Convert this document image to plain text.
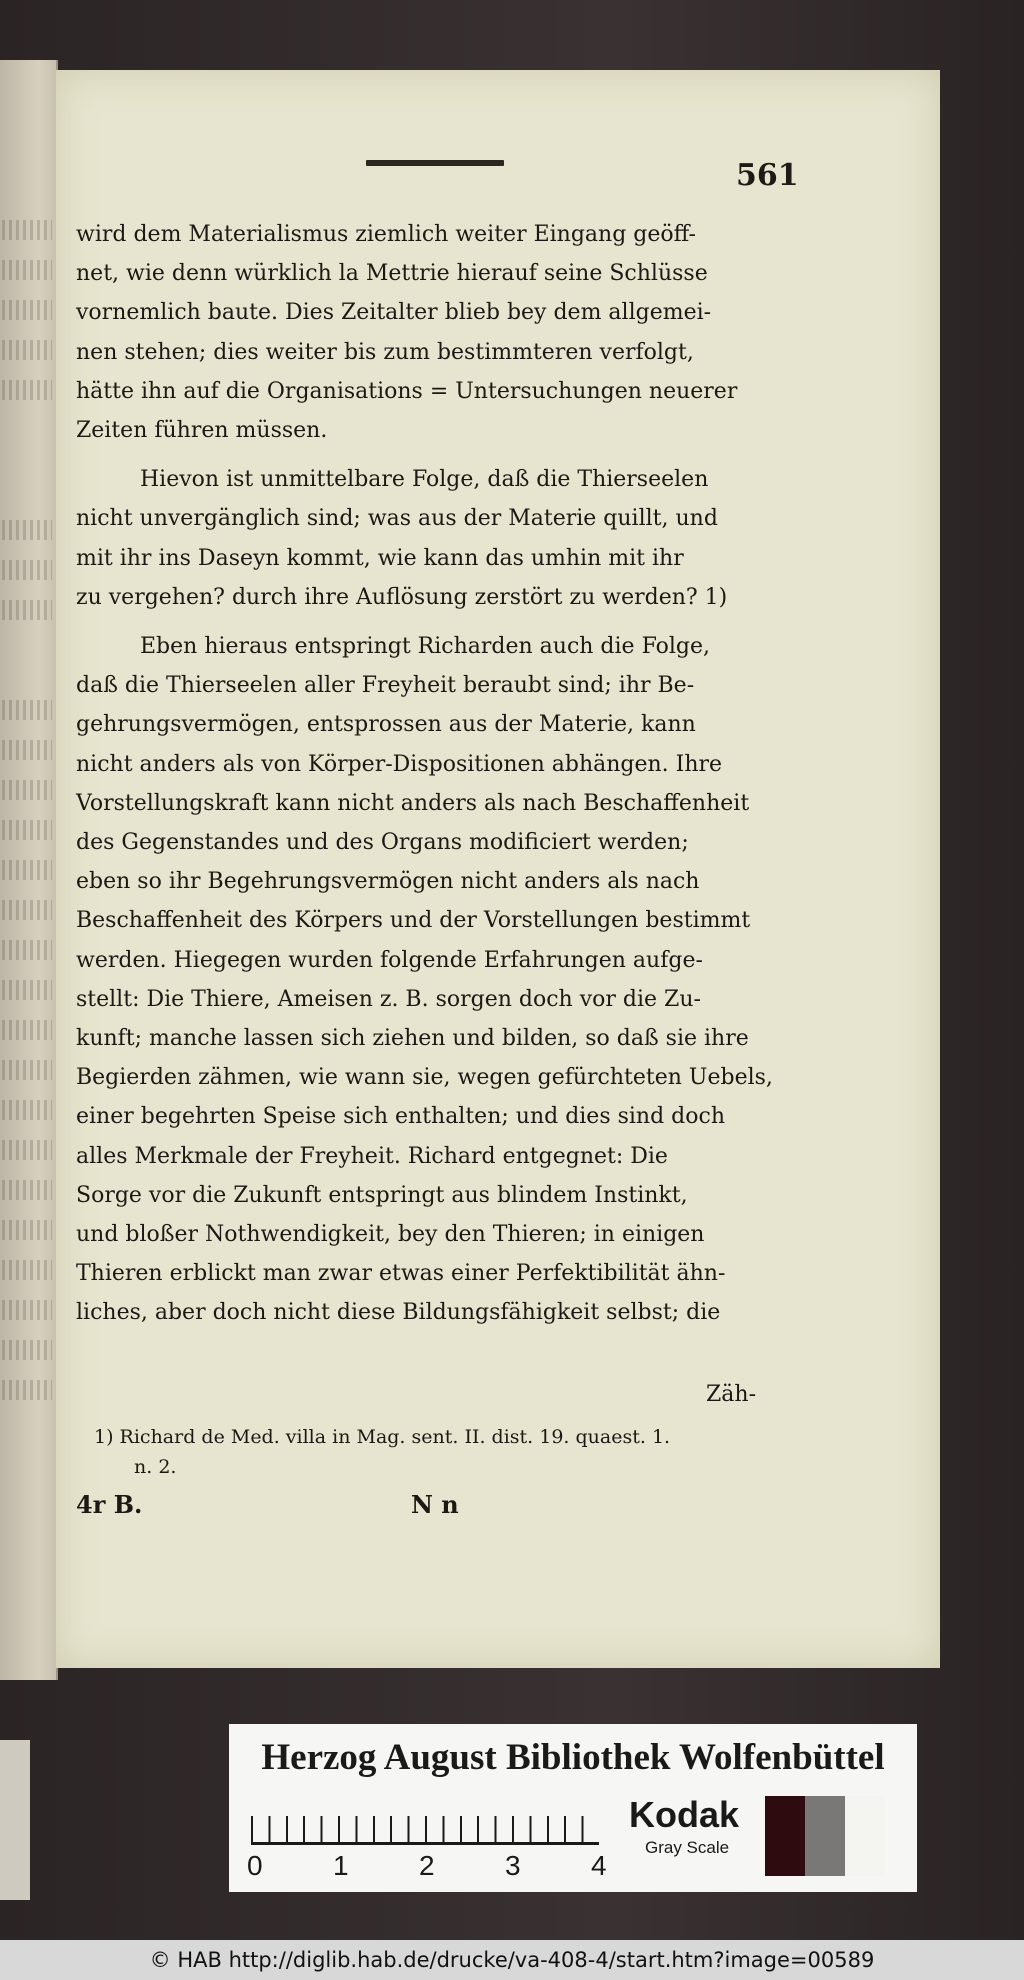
561

wird dem Materialismus ziemlich weiter Eingang geöff-

net, wie denn würklich la Mettrie hierauf seine Schlüsse

vornemlich baute. Dies Zeitalter blieb bey dem allgemei-

nen stehen; dies weiter bis zum bestimmteren verfolgt,

hätte ihn auf die Organisations = Untersuchungen neuerer

Zeiten führen müssen.

Hievon ist unmittelbare Folge, daß die Thierseelen

nicht unvergänglich sind; was aus der Materie quillt, und

mit ihr ins Daseyn kommt, wie kann das umhin mit ihr

zu vergehen? durch ihre Auflösung zerstört zu werden? 1)

Eben hieraus entspringt Richarden auch die Folge,

daß die Thierseelen aller Freyheit beraubt sind; ihr Be-

gehrungsvermögen, entsprossen aus der Materie, kann

nicht anders als von Körper-Dispositionen abhängen. Ihre

Vorstellungskraft kann nicht anders als nach Beschaffenheit

des Gegenstandes und des Organs modificiert werden;

eben so ihr Begehrungsvermögen nicht anders als nach

Beschaffenheit des Körpers und der Vorstellungen bestimmt

werden. Hiegegen wurden folgende Erfahrungen aufge-

stellt: Die Thiere, Ameisen z. B. sorgen doch vor die Zu-

kunft; manche lassen sich ziehen und bilden, so daß sie ihre

Begierden zähmen, wie wann sie, wegen gefürchteten Uebels,

einer begehrten Speise sich enthalten; und dies sind doch

alles Merkmale der Freyheit. Richard entgegnet: Die

Sorge vor die Zukunft entspringt aus blindem Instinkt,

und bloßer Nothwendigkeit, bey den Thieren; in einigen

Thieren erblickt man zwar etwas einer Perfektibilität ähn-

liches, aber doch nicht diese Bildungsfähigkeit selbst; die

Zäh-
1) Richard de Med. villa in Mag. sent. II. dist. 19. quaest. 1.
n. 2.
4r B.	N n
Herzog August Bibliothek Wolfenbüttel
0	1	2	3	4
Kodak
Gray Scale
© HAB http://diglib.hab.de/drucke/va-408-4/start.htm?image=00589
